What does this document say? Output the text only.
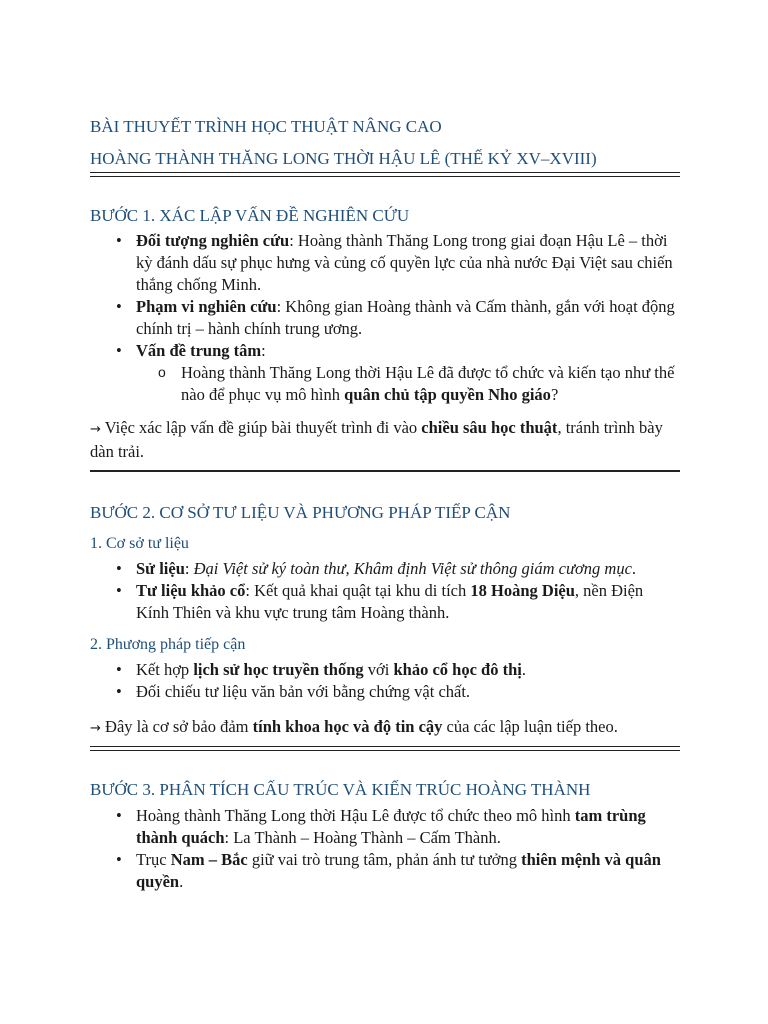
BÀI THUYẾT TRÌNH HỌC THUẬT NÂNG CAO
HOÀNG THÀNH THĂNG LONG THỜI HẬU LÊ (THẾ KỶ XV–XVIII)
BƯỚC 1. XÁC LẬP VẤN ĐỀ NGHIÊN CỨU
• Đối tượng nghiên cứu: Hoàng thành Thăng Long trong giai đoạn Hậu Lê – thời kỳ đánh dấu sự phục hưng và củng cố quyền lực của nhà nước Đại Việt sau chiến thắng chống Minh.
• Phạm vi nghiên cứu: Không gian Hoàng thành và Cấm thành, gắn với hoạt động chính trị – hành chính trung ương.
• Vấn đề trung tâm:
o Hoàng thành Thăng Long thời Hậu Lê đã được tổ chức và kiến tạo như thế nào để phục vụ mô hình quân chủ tập quyền Nho giáo?
→ Việc xác lập vấn đề giúp bài thuyết trình đi vào chiều sâu học thuật, tránh trình bày dàn trải.
BƯỚC 2. CƠ SỞ TƯ LIỆU VÀ PHƯƠNG PHÁP TIẾP CẬN
1. Cơ sở tư liệu
• Sử liệu: Đại Việt sử ký toàn thư, Khâm định Việt sử thông giám cương mục.
• Tư liệu khảo cổ: Kết quả khai quật tại khu di tích 18 Hoàng Diệu, nền Điện Kính Thiên và khu vực trung tâm Hoàng thành.
2. Phương pháp tiếp cận
• Kết hợp lịch sử học truyền thống với khảo cổ học đô thị.
• Đối chiếu tư liệu văn bản với bằng chứng vật chất.
→ Đây là cơ sở bảo đảm tính khoa học và độ tin cậy của các lập luận tiếp theo.
BƯỚC 3. PHÂN TÍCH CẤU TRÚC VÀ KIẾN TRÚC HOÀNG THÀNH
• Hoàng thành Thăng Long thời Hậu Lê được tổ chức theo mô hình tam trùng thành quách: La Thành – Hoàng Thành – Cấm Thành.
• Trục Nam – Bắc giữ vai trò trung tâm, phản ánh tư tưởng thiên mệnh và quân quyền.
